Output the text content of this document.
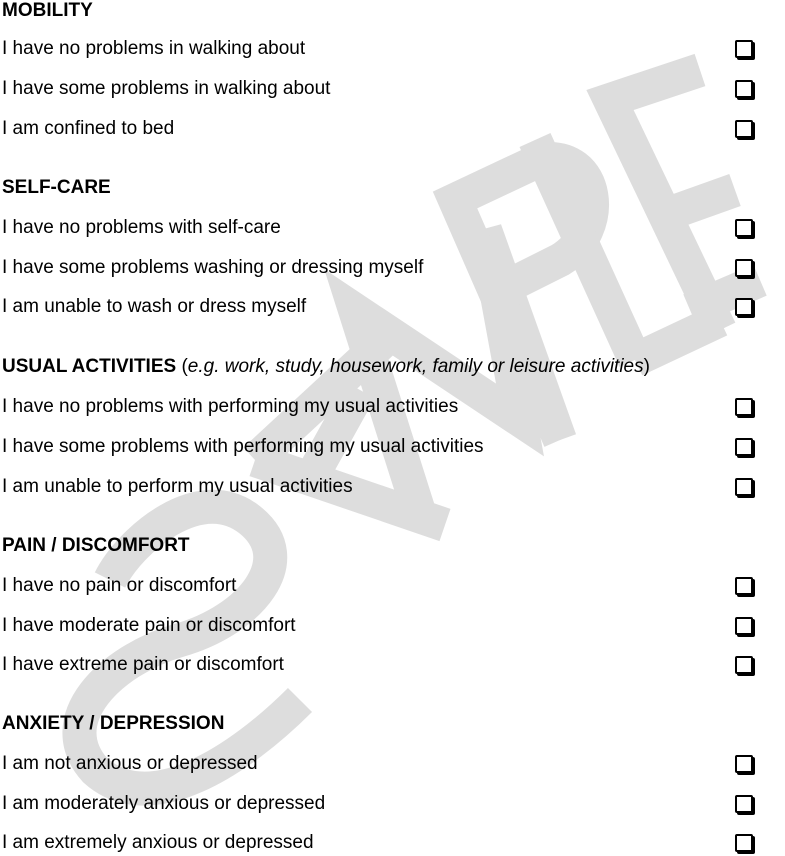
MOBILITY
I have no problems in walking about
I have some problems in walking about
I am confined to bed
SELF-CARE
I have no problems with self-care
I have some problems washing or dressing myself
I am unable to wash or dress myself
USUAL ACTIVITIES (e.g. work, study, housework, family or leisure activities)
I have no problems with performing my usual activities
I have some problems with performing my usual activities
I am unable to perform my usual activities
PAIN / DISCOMFORT
I have no pain or discomfort
I have moderate pain or discomfort
I have extreme pain or discomfort
ANXIETY / DEPRESSION
I am not anxious or depressed
I am moderately anxious or depressed
I am extremely anxious or depressed
